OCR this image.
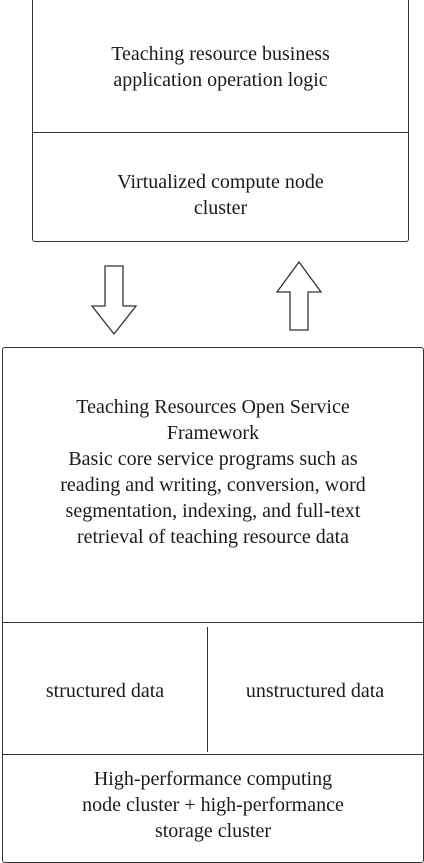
Teaching resource business
application operation logic
Virtualized compute node
cluster
Teaching Resources Open Service
Framework
Basic core service programs such as
reading and writing, conversion, word
segmentation, indexing, and full-text
retrieval of teaching resource data
structured data	unstructured data
High-performance computing
node cluster + high-performance
storage cluster
